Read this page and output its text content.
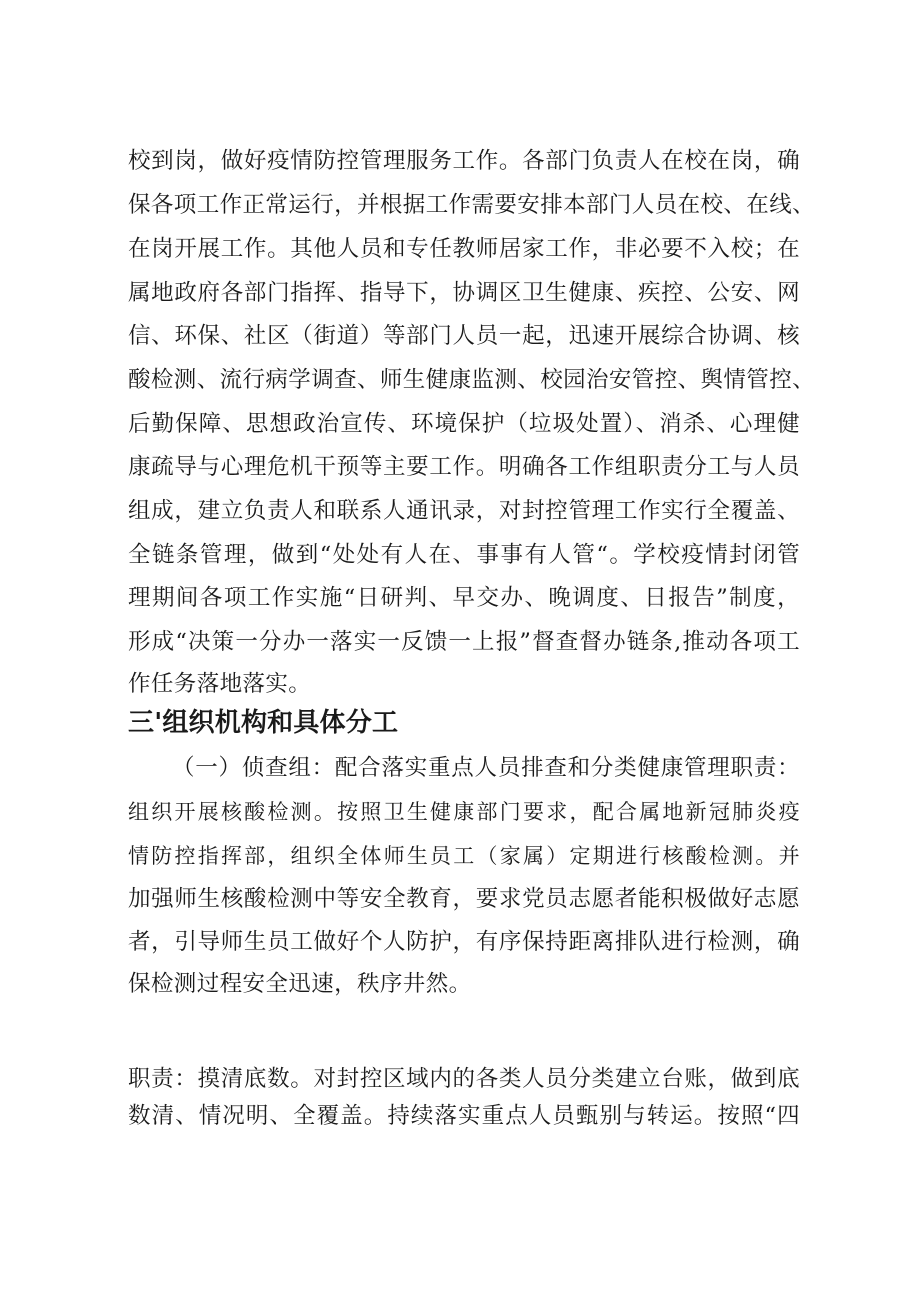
校到岗，做好疫情防控管理服务工作。各部门负责人在校在岗，确
保各项工作正常运行，并根据工作需要安排本部门人员在校、在线、
在岗开展工作。其他人员和专任教师居家工作，非必要不入校；在
属地政府各部门指挥、指导下，协调区卫生健康、疾控、公安、网
信、环保、社区（街道）等部门人员一起，迅速开展综合协调、核
酸检测、流行病学调查、师生健康监测、校园治安管控、舆情管控、
后勤保障、思想政治宣传、环境保护（垃圾处置）、消杀、心理健
康疏导与心理危机干预等主要工作。明确各工作组职责分工与人员
组成，建立负责人和联系人通讯录，对封控管理工作实行全覆盖、
全链条管理，做到“处处有人在、事事有人管“。学校疫情封闭管
理期间各项工作实施“日研判、早交办、晚调度、日报告”制度，
形成“决策一分办一落实一反馈一上报”督查督办链条,推动各项工
作任务落地落实。
三'组织机构和具体分工
（一）侦查组：配合落实重点人员排查和分类健康管理职责：
组织开展核酸检测。按照卫生健康部门要求，配合属地新冠肺炎疫
情防控指挥部，组织全体师生员工（家属）定期进行核酸检测。并
加强师生核酸检测中等安全教育，要求党员志愿者能积极做好志愿
者，引导师生员工做好个人防护，有序保持距离排队进行检测，确
保检测过程安全迅速，秩序井然。
职责：摸清底数。对封控区域内的各类人员分类建立台账，做到底
数清、情况明、全覆盖。持续落实重点人员甄别与转运。按照“四
